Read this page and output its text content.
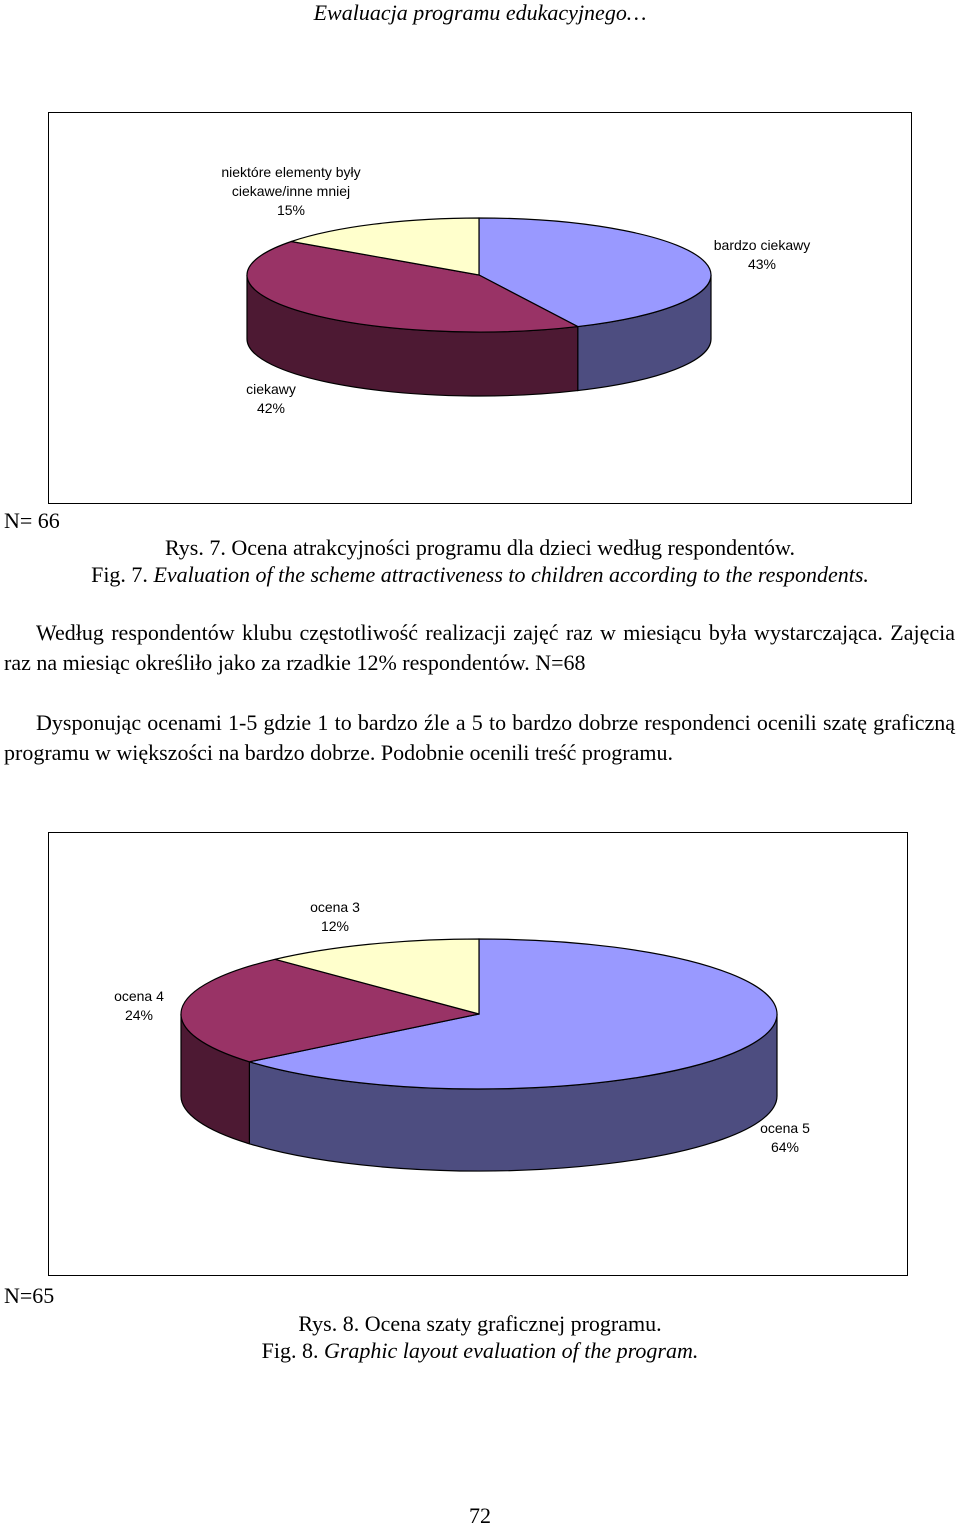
Ewaluacja programu edukacyjnego…
bardzo ciekawy 43%
ciekawy 42%
niektóre elementy były ciekawe/inne mniej 15%
N= 66
Rys. 7. Ocena atrakcyjności programu dla dzieci według respondentów.
Fig. 7. Evaluation of the scheme attractiveness to children according to the respondents.
Według respondentów klubu częstotliwość realizacji zajęć raz w miesiącu była wystarczająca. Zajęcia raz na miesiąc określiło jako za rzadkie 12% respondentów. N=68
Dysponując ocenami 1-5 gdzie 1 to bardzo źle a 5 to bardzo dobrze respondenci ocenili szatę graficzną programu w większości na bardzo dobrze. Podobnie ocenili treść programu.
ocena 5 64%
ocena 4 24%
ocena 3 12%
N=65
Rys. 8. Ocena szaty graficznej programu.
Fig. 8. Graphic layout evaluation of the program.
72
